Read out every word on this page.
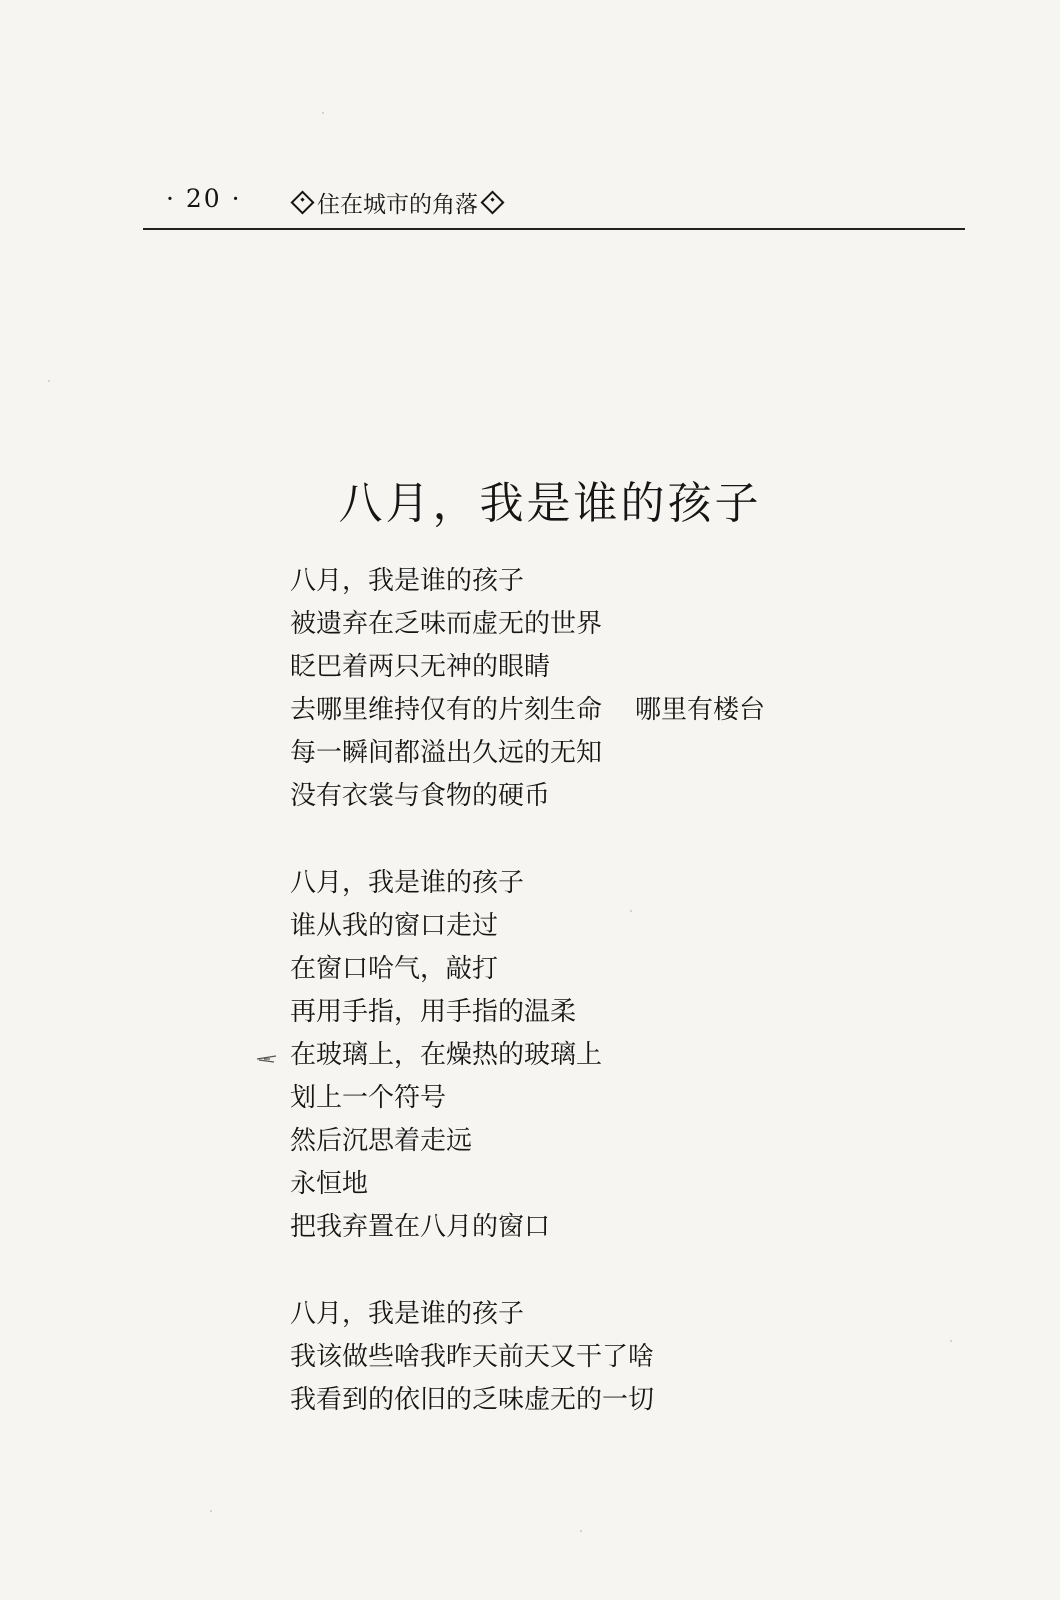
· 20 ·	住在城市的角落
八月，我是谁的孩子
八月，我是谁的孩子
被遗弃在乏味而虚无的世界
眨巴着两只无神的眼睛
去哪里维持仅有的片刻生命    哪里有楼台
每一瞬间都溢出久远的无知
没有衣裳与食物的硬币
八月，我是谁的孩子
谁从我的窗口走过
在窗口哈气，敲打
再用手指，用手指的温柔
在玻璃上，在燥热的玻璃上
划上一个符号
然后沉思着走远
永恒地
把我弃置在八月的窗口
八月，我是谁的孩子
我该做些啥我昨天前天又干了啥
我看到的依旧的乏味虚无的一切
